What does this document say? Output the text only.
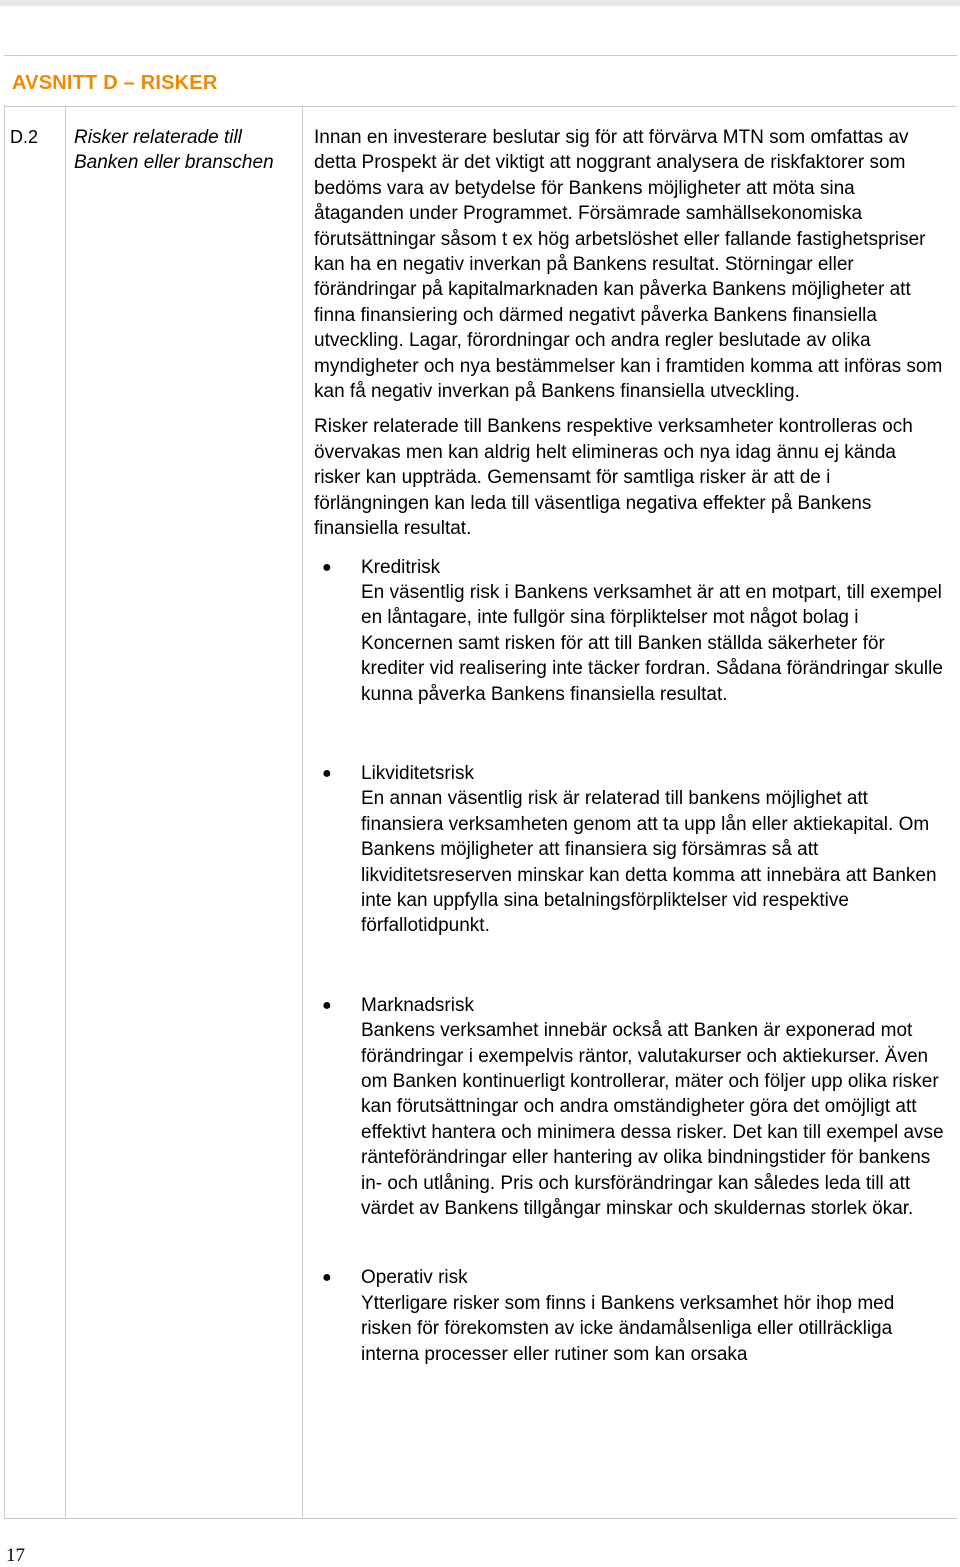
AVSNITT D – RISKER
D.2 Risker relaterade till Banken eller branschen

Innan en investerare beslutar sig för att förvärva MTN som omfattas av detta Prospekt är det viktigt att noggrant analysera de riskfaktorer som bedöms vara av betydelse för Bankens möjligheter att möta sina åtaganden under Programmet. Försämrade samhällsekonomiska förutsättningar såsom t ex hög arbetslöshet eller fallande fastighetspriser kan ha en negativ inverkan på Bankens resultat. Störningar eller förändringar på kapitalmarknaden kan påverka Bankens möjligheter att finna finansiering och därmed negativt påverka Bankens finansiella utveckling. Lagar, förordningar och andra regler beslutade av olika myndigheter och nya bestämmelser kan i framtiden komma att införas som kan få negativ inverkan på Bankens finansiella utveckling.

Risker relaterade till Bankens respektive verksamheter kontrolleras och övervakas men kan aldrig helt elimineras och nya idag ännu ej kända risker kan uppträda. Gemensamt för samtliga risker är att de i förlängningen kan leda till väsentliga negativa effekter på Bankens finansiella resultat.

● Kreditrisk

En väsentlig risk i Bankens verksamhet är att en motpart, till exempel en låntagare, inte fullgör sina förpliktelser mot något bolag i Koncernen samt risken för att till Banken ställda säkerheter för krediter vid realisering inte täcker fordran. Sådana förändringar skulle kunna påverka Bankens finansiella resultat.

● Likviditetsrisk

En annan väsentlig risk är relaterad till bankens möjlighet att finansiera verksamheten genom att ta upp lån eller aktiekapital. Om Bankens möjligheter att finansiera sig försämras så att likviditetsreserven minskar kan detta komma att innebära att Banken inte kan uppfylla sina betalningsförpliktelser vid respektive förfallotidpunkt.

● Marknadsrisk

Bankens verksamhet innebär också att Banken är exponerad mot förändringar i exempelvis räntor, valutakurser och aktiekurser. Även om Banken kontinuerligt kontrollerar, mäter och följer upp olika risker kan förutsättningar och andra omständigheter göra det omöjligt att effektivt hantera och minimera dessa risker. Det kan till exempel avse ränteförändringar eller hantering av olika bindningstider för bankens in- och utlåning. Pris och kursförändringar kan således leda till att värdet av Bankens tillgångar minskar och skuldernas storlek ökar.

● Operativ risk

Ytterligare risker som finns i Bankens verksamhet hör ihop med risken för förekomsten av icke ändamålsenliga eller otillräckliga interna processer eller rutiner som kan orsaka

17
